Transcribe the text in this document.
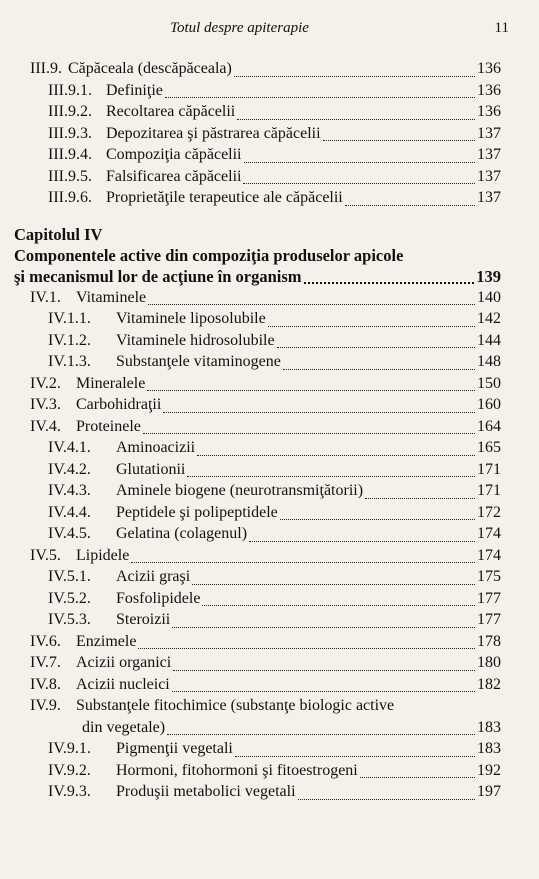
Totul despre apiterapie	11
III.9. Căpăceala (descăpăceala)	136
III.9.1. Definiţie	136
III.9.2. Recoltarea căpăcelii	136
III.9.3. Depozitarea şi păstrarea căpăcelii	137
III.9.4. Compoziţia căpăcelii	137
III.9.5. Falsificarea căpăcelii	137
III.9.6. Proprietăţile terapeutice ale căpăcelii	137
Capitolul IV
Componentele active din compoziţia produselor apicole
şi mecanismul lor de acţiune în organism	139
IV.1. Vitaminele	140
IV.1.1.	Vitaminele liposolubile	142
IV.1.2.	Vitaminele hidrosolubile	144
IV.1.3.	Substanţele vitaminogene	148
IV.2. Mineralele	150
IV.3. Carbohidraţii	160
IV.4. Proteinele	164
IV.4.1.	Aminoacizii	165
IV.4.2.	Glutationii	171
IV.4.3.	Aminele biogene (neurotransmiţătorii)	171
IV.4.4.	Peptidele şi polipeptidele	172
IV.4.5.	Gelatina (colagenul)	174
IV.5. Lipidele	174
IV.5.1.	Acizii graşi	175
IV.5.2.	Fosfolipidele	177
IV.5.3.	Steroizii	177
IV.6. Enzimele	178
IV.7. Acizii organici	180
IV.8. Acizii nucleici	182
IV.9. Substanţele fitochimice (substanţe biologic active
din vegetale)	183
IV.9.1.	Pigmenţii vegetali	183
IV.9.2.	Hormoni, fitohormoni şi fitoestrogeni	192
IV.9.3.	Produşii metabolici vegetali	197
